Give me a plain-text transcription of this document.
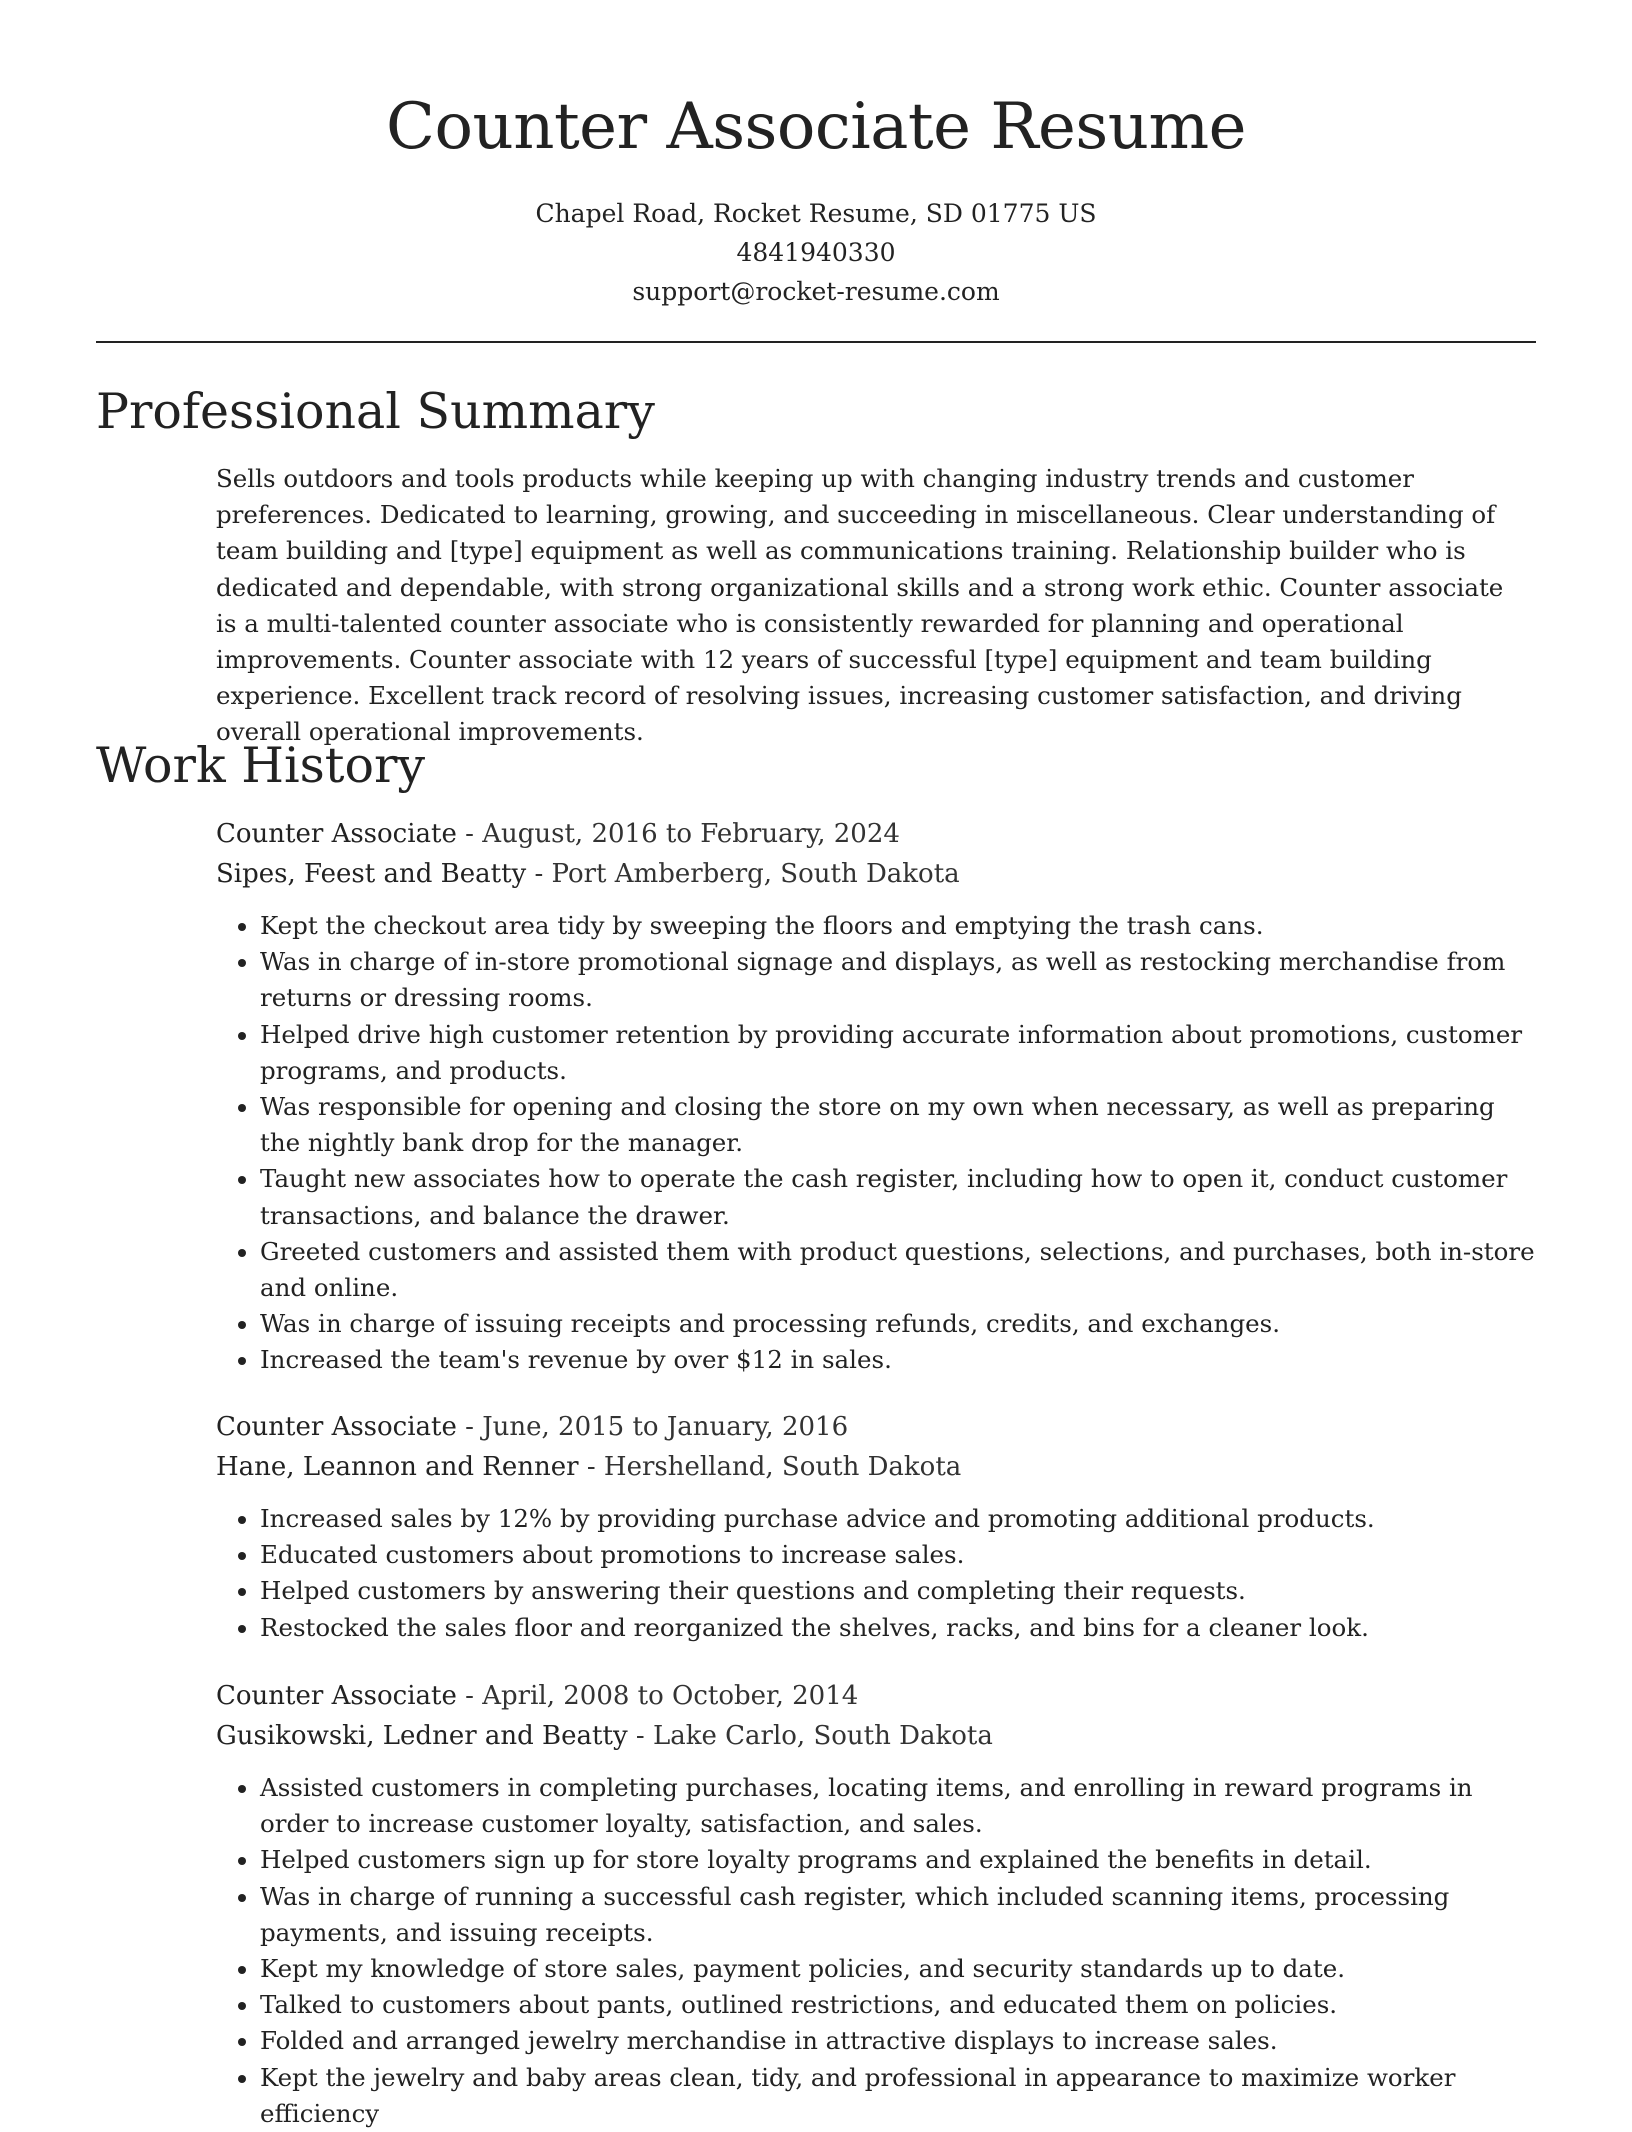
Counter Associate Resume
Chapel Road, Rocket Resume, SD 01775 US
4841940330
support@rocket-resume.com
Professional Summary

Sells outdoors and tools products while keeping up with changing industry trends and customer preferences. Dedicated to learning, growing, and succeeding in miscellaneous. Clear understanding of team building and [type] equipment as well as communications training. Relationship builder who is dedicated and dependable, with strong organizational skills and a strong work ethic. Counter associate is a multi-talented counter associate who is consistently rewarded for planning and operational improvements. Counter associate with 12 years of successful [type] equipment and team building experience. Excellent track record of resolving issues, increasing customer satisfaction, and driving overall operational improvements.

Work History
Counter Associate - August, 2016 to February, 2024
Sipes, Feest and Beatty - Port Amberberg, South Dakota
• Kept the checkout area tidy by sweeping the floors and emptying the trash cans.
• Was in charge of in-store promotional signage and displays, as well as restocking merchandise from returns or dressing rooms.
• Helped drive high customer retention by providing accurate information about promotions, customer programs, and products.
• Was responsible for opening and closing the store on my own when necessary, as well as preparing the nightly bank drop for the manager.
• Taught new associates how to operate the cash register, including how to open it, conduct customer transactions, and balance the drawer.
• Greeted customers and assisted them with product questions, selections, and purchases, both in-store and online.
• Was in charge of issuing receipts and processing refunds, credits, and exchanges.
• Increased the team's revenue by over $12 in sales.
Counter Associate - June, 2015 to January, 2016
Hane, Leannon and Renner - Hershelland, South Dakota
• Increased sales by 12% by providing purchase advice and promoting additional products.
• Educated customers about promotions to increase sales.
• Helped customers by answering their questions and completing their requests.
• Restocked the sales floor and reorganized the shelves, racks, and bins for a cleaner look.
Counter Associate - April, 2008 to October, 2014
Gusikowski, Ledner and Beatty - Lake Carlo, South Dakota
• Assisted customers in completing purchases, locating items, and enrolling in reward programs in order to increase customer loyalty, satisfaction, and sales.
• Helped customers sign up for store loyalty programs and explained the benefits in detail.
• Was in charge of running a successful cash register, which included scanning items, processing payments, and issuing receipts.
• Kept my knowledge of store sales, payment policies, and security standards up to date.
• Talked to customers about pants, outlined restrictions, and educated them on policies.
• Folded and arranged jewelry merchandise in attractive displays to increase sales.
• Kept the jewelry and baby areas clean, tidy, and professional in appearance to maximize worker efficiency
